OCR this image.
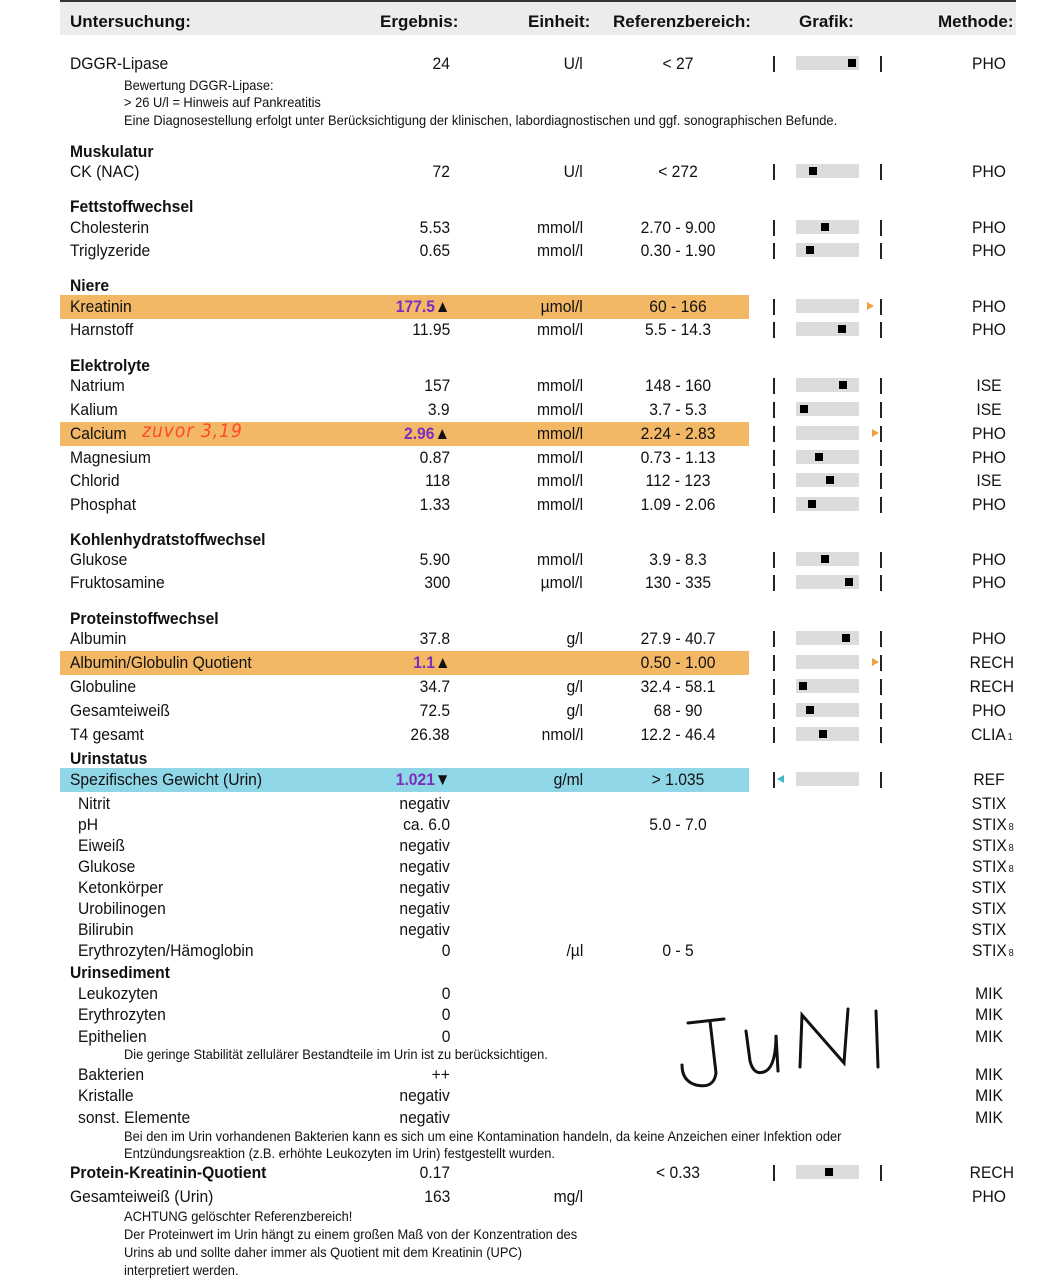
Untersuchung:	Ergebnis:	Einheit: Referenzbereich:	Grafik:	Methode:
DGGR-Lipase	24	U/l	< 27	PHO
Bewertung DGGR-Lipase:
> 26 U/l = Hinweis auf Pankreatitis
Eine Diagnosestellung erfolgt unter Berücksichtigung der klinischen, labordiagnostischen und ggf. sonographischen Befunde.
Muskulatur
CK (NAC)	72	U/l	< 272	PHO
Fettstoffwechsel
Cholesterin	5.53	mmol/l	2.70 - 9.00	PHO
Triglyzeride	0.65	mmol/l	0.30 - 1.90	PHO
Niere
Kreatinin	177.5▲	µmol/l	60 - 166	PHO
Harnstoff	11.95	mmol/l	5.5 - 14.3	PHO
Elektrolyte
Natrium	157	mmol/l	148 - 160	ISE
Kalium	3.9	mmol/l	3.7 - 5.3	ISE
Calcium zuvor 3,19	2.96▲	mmol/l	2.24 - 2.83	PHO
Magnesium	0.87	mmol/l	0.73 - 1.13	PHO
Chlorid	118	mmol/l	112 - 123	ISE
Phosphat	1.33	mmol/l	1.09 - 2.06	PHO
Kohlenhydratstoffwechsel
Glukose	5.90	mmol/l	3.9 - 8.3	PHO
Fruktosamine	300	µmol/l	130 - 335	PHO
Proteinstoffwechsel
Albumin	37.8	g/l	27.9 - 40.7	PHO
Albumin/Globulin Quotient	1.1▲	0.50 - 1.00	RECH
Globuline	34.7	g/l	32.4 - 58.1	RECH
Gesamteiweiß	72.5	g/l	68 - 90	PHO
T4 gesamt	26.38	nmol/l	12.2 - 46.4	CLIA 1
Urinstatus
Spezifisches Gewicht (Urin)	1.021▼	g/ml	> 1.035	REF
Nitrit	negativ	STIX
pH	ca. 6.0	5.0 - 7.0	STIX 8
Eiweiß	negativ	STIX 8
Glukose	negativ	STIX 8
Ketonkörper	negativ	STIX
Urobilinogen	negativ	STIX
Bilirubin	negativ	STIX
Erythrozyten/Hämoglobin	0	/µl	0 - 5	STIX 8
Urinsediment
Leukozyten	0	MIK
Erythrozyten	0	MIK
Epithelien	0	MIK
Die geringe Stabilität zellulärer Bestandteile im Urin ist zu berücksichtigen.
Bakterien	++	MIK
Kristalle	negativ	MIK
sonst. Elemente	negativ	MIK
Bei den im Urin vorhandenen Bakterien kann es sich um eine Kontamination handeln, da keine Anzeichen einer Infektion oder
Entzündungsreaktion (z.B. erhöhte Leukozyten im Urin) festgestellt wurden.
Protein-Kreatinin-Quotient	0.17	< 0.33	RECH
Gesamteiweiß (Urin)	163	mg/l	PHO
ACHTUNG gelöschter Referenzbereich!
Der Proteinwert im Urin hängt zu einem großen Maß von der Konzentration des
Urins ab und sollte daher immer als Quotient mit dem Kreatinin (UPC)
interpretiert werden.
